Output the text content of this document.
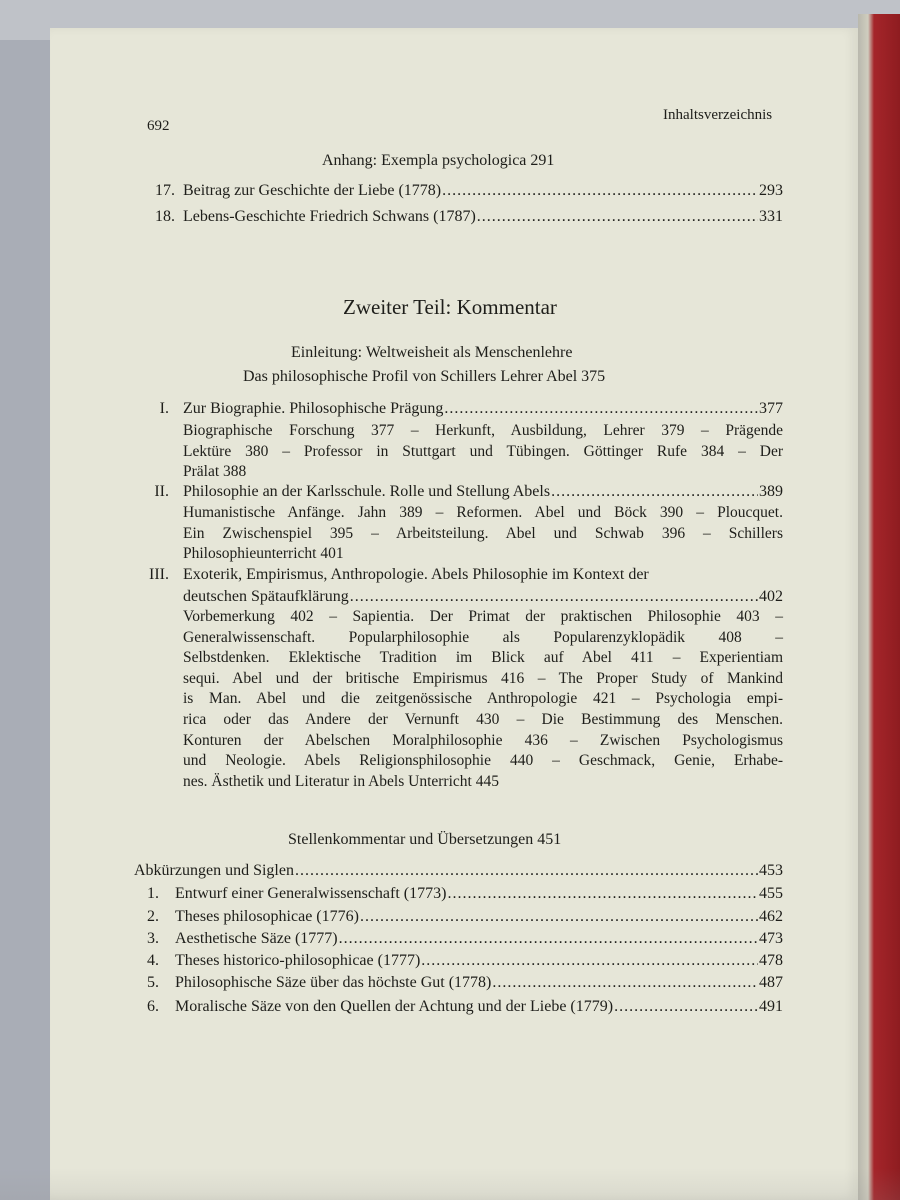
692
Inhaltsverzeichnis
Anhang: Exempla psychologica 291
17. Beitrag zur Geschichte der Liebe (1778) .....	293
18. Lebens-Geschichte Friedrich Schwans (1787) .....	331
Zweiter Teil: Kommentar
Einleitung: Weltweisheit als Menschenlehre
Das philosophische Profil von Schillers Lehrer Abel 375
I. Zur Biographie. Philosophische Prägung .....	377
Biographische Forschung 377 – Herkunft, Ausbildung, Lehrer 379 – Prägende
Lektüre 380 – Professor in Stuttgart und Tübingen. Göttinger Rufe 384 – Der
Prälat 388
II. Philosophie an der Karlsschule. Rolle und Stellung Abels .....	389
Humanistische Anfänge. Jahn 389 – Reformen. Abel und Böck 390 – Ploucquet.
Ein Zwischenspiel 395 – Arbeitsteilung. Abel und Schwab 396 – Schillers
Philosophieunterricht 401
III. Exoterik, Empirismus, Anthropologie. Abels Philosophie im Kontext der
deutschen Spätaufklärung .....	402
Vorbemerkung 402 – Sapientia. Der Primat der praktischen Philosophie 403 –
Generalwissenschaft. Popularphilosophie als Popularenzyklopädik 408 –
Selbstdenken. Eklektische Tradition im Blick auf Abel 411 – Experientiam
sequi. Abel und der britische Empirismus 416 – The Proper Study of Mankind
is Man. Abel und die zeitgenössische Anthropologie 421 – Psychologia empi-
rica oder das Andere der Vernunft 430 – Die Bestimmung des Menschen.
Konturen der Abelschen Moralphilosophie 436 – Zwischen Psychologismus
und Neologie. Abels Religionsphilosophie 440 – Geschmack, Genie, Erhabe-
nes. Ästhetik und Literatur in Abels Unterricht 445
Stellenkommentar und Übersetzungen 451
Abkürzungen und Siglen .....	453
1. Entwurf einer Generalwissenschaft (1773) .....	455
2. Theses philosophicae (1776) .....	462
3. Aesthetische Säze (1777) .....	473
4. Theses historico-philosophicae (1777) .....	478
5. Philosophische Säze über das höchste Gut (1778) .....	487
6. Moralische Säze von den Quellen der Achtung und der Liebe (1779) .....	491
